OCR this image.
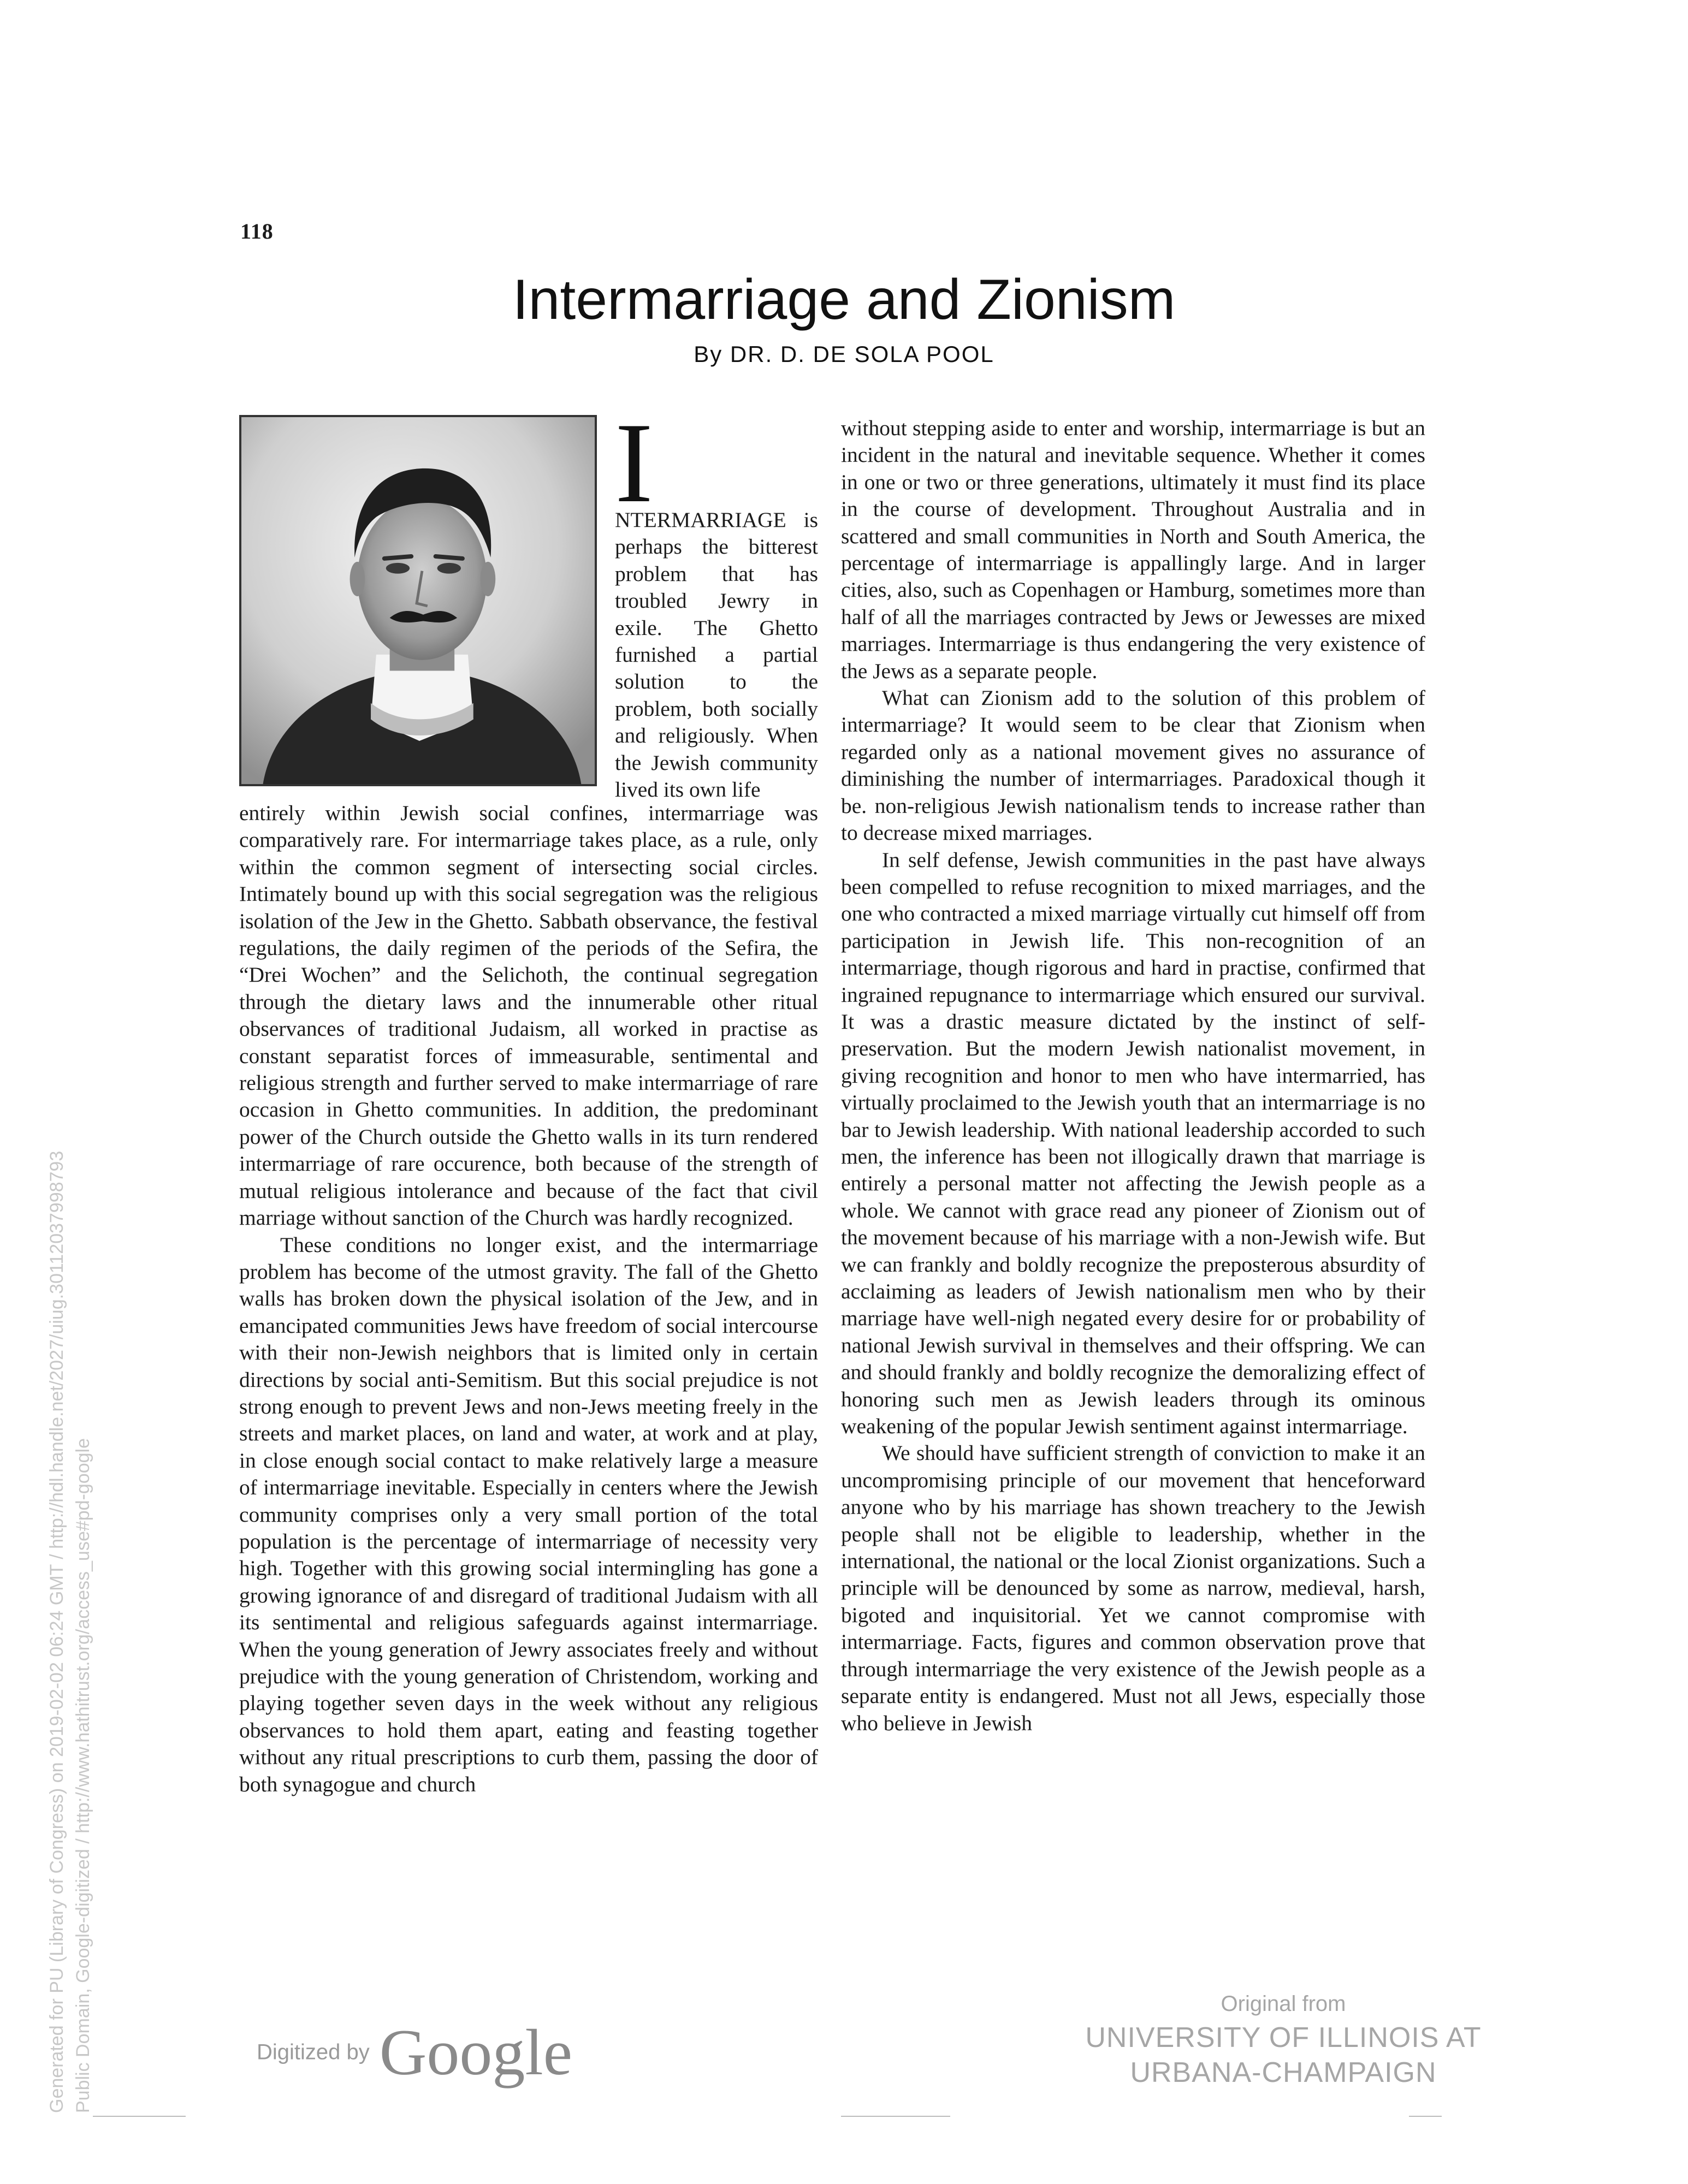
118
Intermarriage and Zionism
By DR. D. DE SOLA POOL
I
NTERMARRIAGE is perhaps the bitterest problem that has troubled Jewry in exile. The Ghetto furnished a partial solution to the problem, both socially and religiously. When the Jewish community lived its own life

entirely within Jewish social confines, intermarriage was comparatively rare. For intermarriage takes place, as a rule, only within the common segment of intersecting social circles. Intimately bound up with this social segregation was the religious isolation of the Jew in the Ghetto. Sabbath observance, the festival regulations, the daily regimen of the periods of the Sefira, the “Drei Wochen” and the Selichoth, the continual segregation through the dietary laws and the innumerable other ritual observances of traditional Judaism, all worked in practise as constant separatist forces of immeasurable, sentimental and religious strength and further served to make intermarriage of rare occasion in Ghetto communities. In addition, the predominant power of the Church outside the Ghetto walls in its turn rendered intermarriage of rare occurence, both because of the strength of mutual religious intolerance and because of the fact that civil marriage without sanction of the Church was hardly recognized.

These conditions no longer exist, and the intermarriage problem has become of the utmost gravity. The fall of the Ghetto walls has broken down the physical isolation of the Jew, and in emancipated communities Jews have freedom of social intercourse with their non-Jewish neighbors that is limited only in certain directions by social anti-Semitism. But this social prejudice is not strong enough to prevent Jews and non-Jews meeting freely in the streets and market places, on land and water, at work and at play, in close enough social contact to make relatively large a measure of intermarriage inevitable. Especially in centers where the Jewish community comprises only a very small portion of the total population is the percentage of intermarriage of necessity very high. Together with this growing social intermingling has gone a growing ignorance of and disregard of traditional Judaism with all its sentimental and religious safeguards against intermarriage. When the young generation of Jewry associates freely and without prejudice with the young generation of Christendom, working and playing together seven days in the week without any religious observances to hold them apart, eating and feasting together without any ritual prescriptions to curb them, passing the door of both synagogue and church

without stepping aside to enter and worship, intermarriage is but an incident in the natural and inevitable sequence. Whether it comes in one or two or three generations, ultimately it must find its place in the course of development. Throughout Australia and in scattered and small communities in North and South America, the percentage of intermarriage is appallingly large. And in larger cities, also, such as Copenhagen or Hamburg, sometimes more than half of all the marriages contracted by Jews or Jewesses are mixed marriages. Intermarriage is thus endangering the very existence of the Jews as a separate people.

What can Zionism add to the solution of this problem of intermarriage? It would seem to be clear that Zionism when regarded only as a national movement gives no assurance of diminishing the number of intermarriages. Paradoxical though it be. non-religious Jewish nationalism tends to increase rather than to decrease mixed marriages.

In self defense, Jewish communities in the past have always been compelled to refuse recognition to mixed marriages, and the one who contracted a mixed marriage virtually cut himself off from participation in Jewish life. This non-recognition of an intermarriage, though rigorous and hard in practise, confirmed that ingrained repugnance to intermarriage which ensured our survival. It was a drastic measure dictated by the instinct of self-preservation. But the modern Jewish nationalist movement, in giving recognition and honor to men who have intermarried, has virtually proclaimed to the Jewish youth that an intermarriage is no bar to Jewish leadership. With national leadership accorded to such men, the inference has been not illogically drawn that marriage is entirely a personal matter not affecting the Jewish people as a whole. We cannot with grace read any pioneer of Zionism out of the movement because of his marriage with a non-Jewish wife. But we can frankly and boldly recognize the preposterous absurdity of acclaiming as leaders of Jewish nationalism men who by their marriage have well-nigh negated every desire for or probability of national Jewish survival in themselves and their offspring. We can and should frankly and boldly recognize the demoralizing effect of honoring such men as Jewish leaders through its ominous weakening of the popular Jewish sentiment against intermarriage.

We should have sufficient strength of conviction to make it an uncompromising principle of our movement that henceforward anyone who by his marriage has shown treachery to the Jewish people shall not be eligible to leadership, whether in the international, the national or the local Zionist organizations. Such a principle will be denounced by some as narrow, medieval, harsh, bigoted and inquisitorial. Yet we cannot compromise with intermarriage. Facts, figures and common observation prove that through intermarriage the very existence of the Jewish people as a separate entity is endangered. Must not all Jews, especially those who believe in Jewish

Generated for PU (Library of Congress) on 2019-02-02 06:24 GMT / http://hdl.handle.net/2027/uiug.30112037998793 Public Domain, Google-digitized / http://www.hathitrust.org/access_use#pd-google	Digitized by Google
Original from
UNIVERSITY OF ILLINOIS AT
URBANA-CHAMPAIGN
